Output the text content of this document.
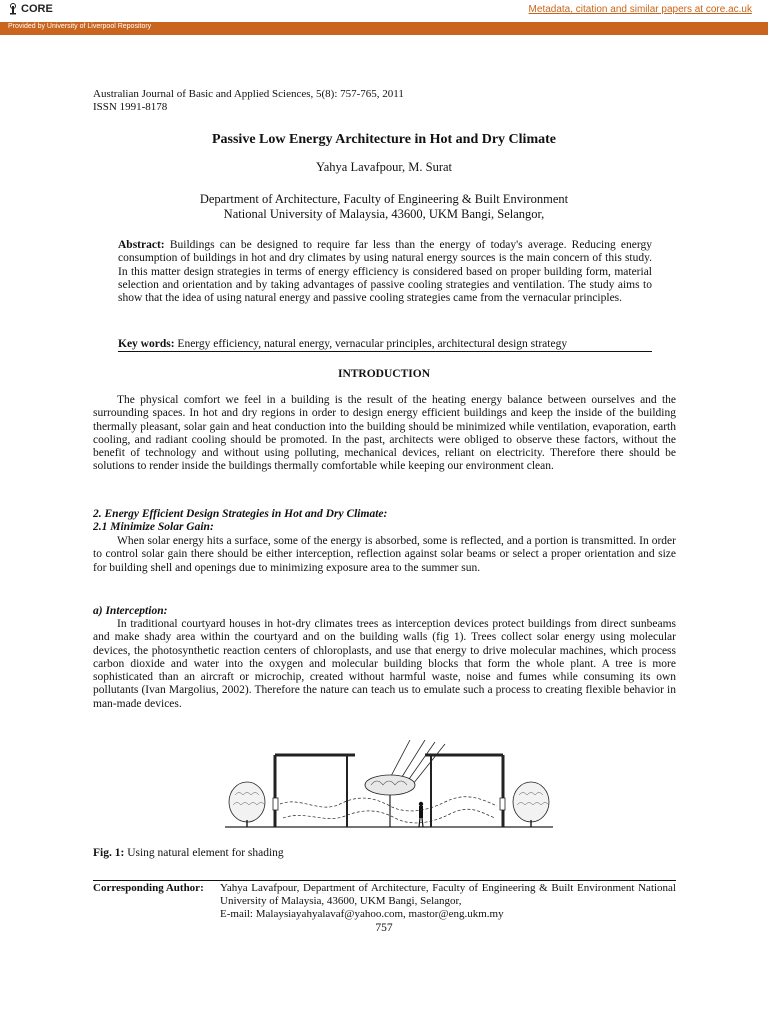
CORE	Metadata, citation and similar papers at core.ac.uk
Provided by University of Liverpool Repository
Australian Journal of Basic and Applied Sciences, 5(8): 757-765, 2011
ISSN 1991-8178
Passive Low Energy Architecture in Hot and Dry Climate
Yahya Lavafpour, M. Surat
Department of Architecture, Faculty of Engineering & Built Environment
National University of Malaysia, 43600, UKM Bangi, Selangor,
Abstract: Buildings can be designed to require far less than the energy of today's average. Reducing energy consumption of buildings in hot and dry climates by using natural energy sources is the main concern of this study. In this matter design strategies in terms of energy efficiency is considered based on proper building form, material selection and orientation and by taking advantages of passive cooling strategies and ventilation. The study aims to show that the idea of using natural energy and passive cooling strategies came from the vernacular principles.
Key words: Energy efficiency, natural energy, vernacular principles, architectural design strategy
INTRODUCTION

The physical comfort we feel in a building is the result of the heating energy balance between ourselves and the surrounding spaces. In hot and dry regions in order to design energy efficient buildings and keep the inside of the building thermally pleasant, solar gain and heat conduction into the building should be minimized while ventilation, evaporation, earth cooling, and radiant cooling should be promoted. In the past, architects were obliged to observe these factors, without the benefit of technology and without using polluting, mechanical devices, reliant on electricity. Therefore there should be solutions to render inside the buildings thermally comfortable while keeping our environment clean.

2. Energy Efficient Design Strategies in Hot and Dry Climate:
2.1 Minimize Solar Gain:

When solar energy hits a surface, some of the energy is absorbed, some is reflected, and a portion is transmitted. In order to control solar gain there should be either interception, reflection against solar beams or select a proper orientation and size for building shell and openings due to minimizing exposure area to the summer sun.

a) Interception:

In traditional courtyard houses in hot-dry climates trees as interception devices protect buildings from direct sunbeams and make shady area within the courtyard and on the building walls (fig 1). Trees collect solar energy using molecular devices, the photosynthetic reaction centers of chloroplasts, and use that energy to drive molecular machines, which process carbon dioxide and water into the oxygen and molecular building blocks that form the whole plant. A tree is more sophisticated than an aircraft or microchip, created without harmful waste, noise and fumes while consuming its own pollutants (Ivan Margolius, 2002). Therefore the nature can teach us to emulate such a process to creating flexible behavior in man-made devices.

Fig. 1: Using natural element for shading
Corresponding Author: Yahya Lavafpour, Department of Architecture, Faculty of Engineering & Built Environment National University of Malaysia, 43600, UKM Bangi, Selangor,
E-mail: Malaysiayahyalavaf@yahoo.com, mastor@eng.ukm.my
757
